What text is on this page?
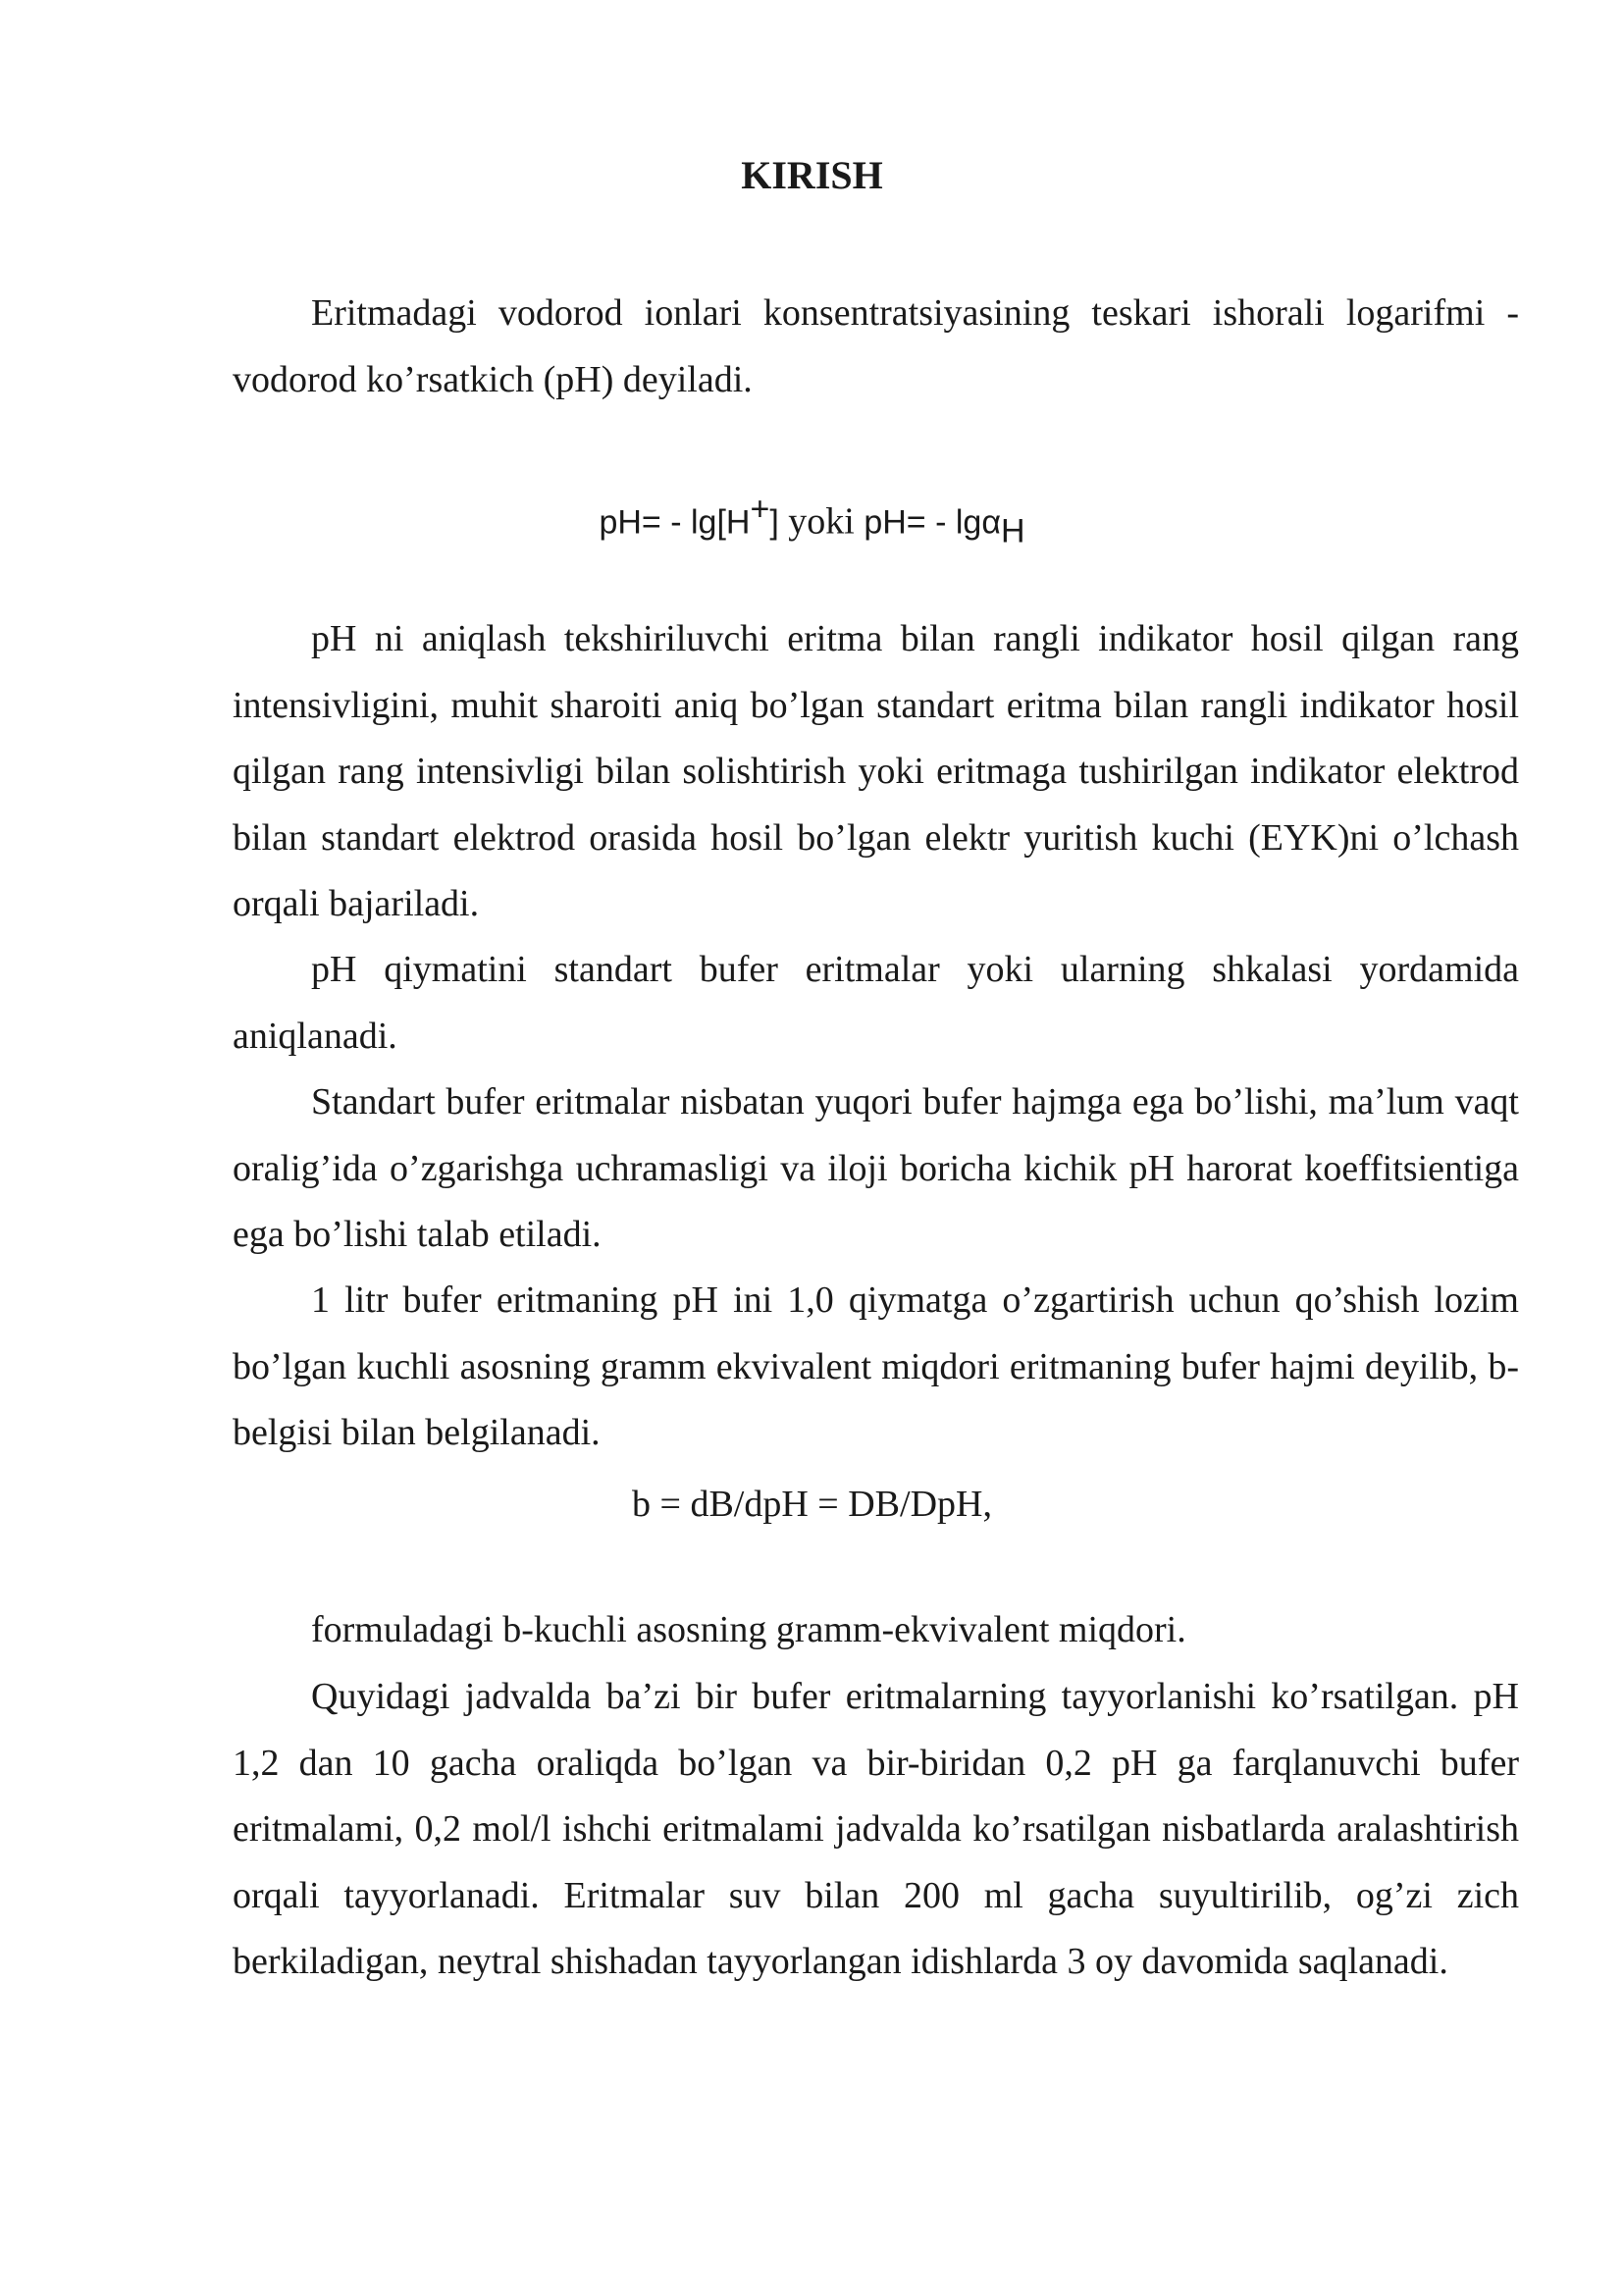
KIRISH

Eritmadagi vodorod ionlari konsentratsiyasining teskari ishorali logarifmi - vodorod ko’rsatkich (pH) deyiladi.

pH= - lg[H+] yoki pH= - lgα$_H$

pH ni aniqlash tekshiriluvchi eritma bilan rangli indikator hosil qilgan rang intensivligini, muhit sharoiti aniq bo’lgan standart eritma bilan rangli indikator hosil qilgan rang intensivligi bilan solishtirish yoki eritmaga tushirilgan indikator elektrod bilan standart elektrod orasida hosil bo’lgan elektr yuritish kuchi (EYK)ni o’lchash orqali bajariladi.

pH qiymatini standart bufer eritmalar yoki ularning shkalasi yordamida aniqlanadi.

Standart bufer eritmalar nisbatan yuqori bufer hajmga ega bo’lishi, ma’lum vaqt oralig’ida o’zgarishga uchramasligi va iloji boricha kichik pH harorat koeffitsientiga ega bo’lishi talab etiladi.

1 litr bufer eritmaning pH ini 1,0 qiymatga o’zgartirish uchun qo’shish lozim bo’lgan kuchli asosning gramm ekvivalent miqdori eritmaning bufer hajmi deyilib, b-belgisi bilan belgilanadi.

b = dB/dpH = DB/DpH,

formuladagi b-kuchli asosning gramm-ekvivalent miqdori.

Quyidagi jadvalda ba’zi bir bufer eritmalarning tayyorlanishi ko’rsatilgan. pH 1,2 dan 10 gacha oraliqda bo’lgan va bir-biridan 0,2 pH ga farqlanuvchi bufer eritmalami, 0,2 mol/l ishchi eritmalami jadvalda ko’rsatilgan nisbatlarda aralashtirish orqali tayyorlanadi. Eritmalar suv bilan 200 ml gacha suyultirilib, og’zi zich berkiladigan, neytral shishadan tayyorlangan idishlarda 3 oy davomida saqlanadi.
